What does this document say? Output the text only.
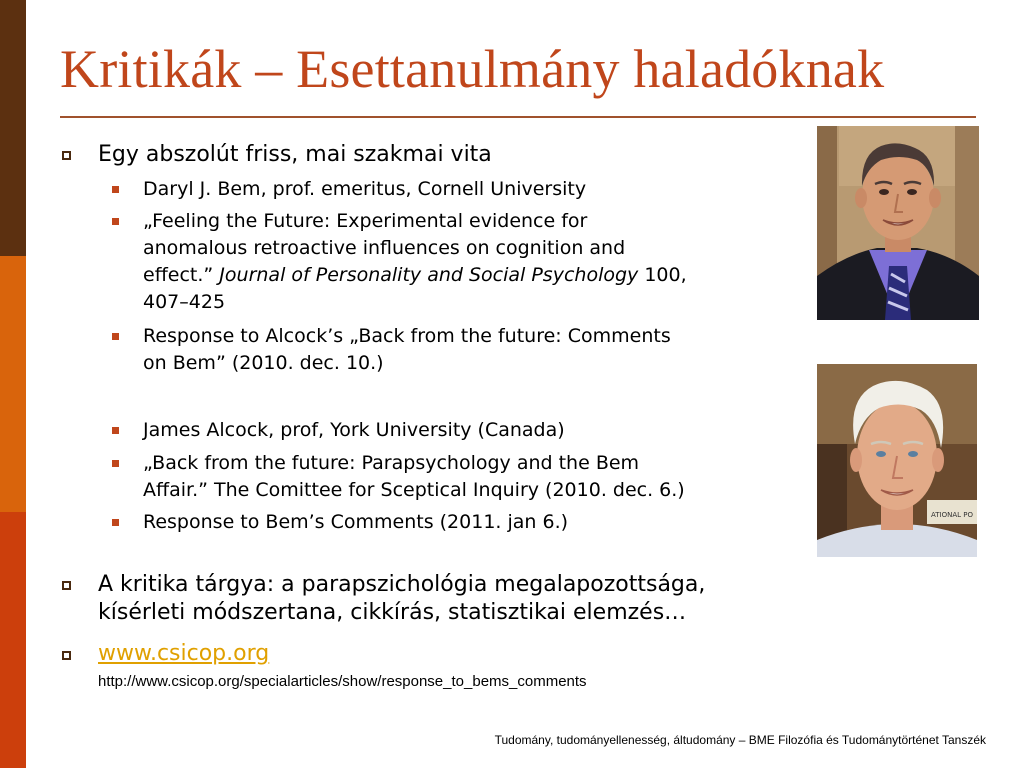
Kritikák – Esettanulmány haladóknak
Egy abszolút friss, mai szakmai vita
Daryl J. Bem, prof. emeritus, Cornell University
„Feeling the Future: Experimental evidence for
anomalous retroactive influences on cognition and
effect.” Journal of Personality and Social Psychology 100,
407–425
Response to Alcock’s „Back from the future: Comments
on Bem” (2010. dec. 10.)
James Alcock, prof, York University (Canada)
„Back from the future: Parapsychology and the Bem
Affair.” The Comittee for Sceptical Inquiry (2010. dec. 6.)
Response to Bem’s Comments (2011. jan 6.)
A kritika tárgya: a parapszichológia megalapozottsága,
kísérleti módszertana, cikkírás, statisztikai elemzés…
www.csicop.org
http://www.csicop.org/specialarticles/show/response_to_bems_comments
ATIONAL PO
Tudomány, tudományellenesség, áltudomány – BME Filozófia és Tudománytörténet Tanszék
